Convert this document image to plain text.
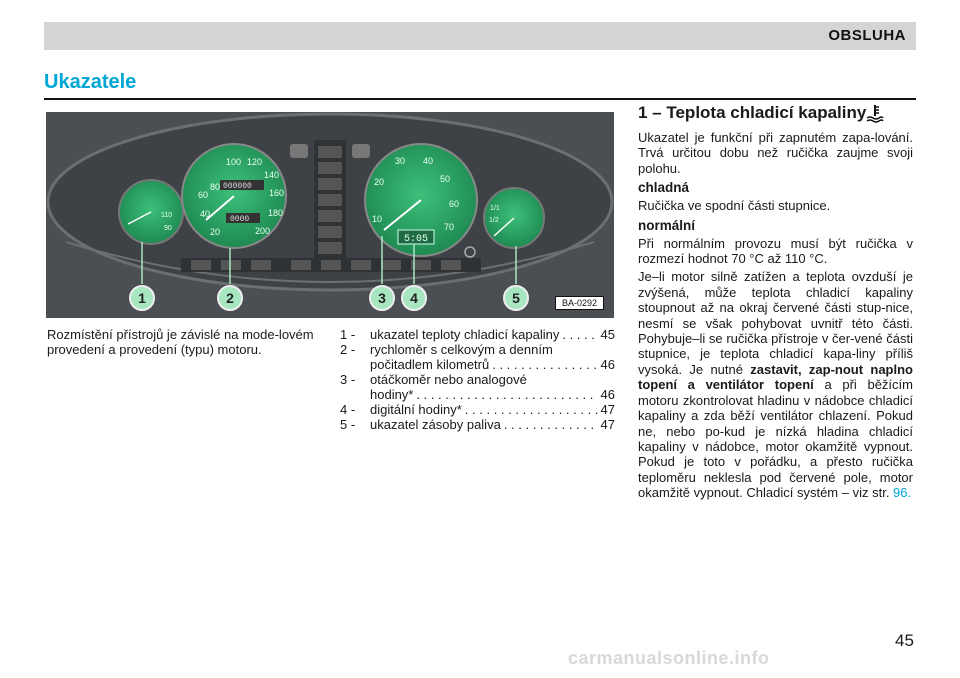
OBSLUHA
Ukazatele
110
90
80
100 120
140
160
180
200
20
40
60
000000
0000	10
20
30 40
50
60
70
5:05
1/1
1/2
1	2	3 4	5	BA-0292
Rozmístění přístrojů je závislé na mode-lovém provedení a provedení (typu) motoru.
1 - ukazatel teploty chladicí kapaliny . . .	45
2 - rychloměr s celkovým a denním
počitadlem kilometrů . . .	46
3 - otáčkoměr nebo analogové
hodiny* . . .	46
4 - digitální hodiny* . . .	47
5 - ukazatel zásoby paliva . . .	47
1 – Teplota chladicí kapaliny

Ukazatel je funkční při zapnutém zapa-lování. Trvá určitou dobu než ručička zaujme svoji polohu.

chladná

Ručička ve spodní části stupnice.

normální

Při normálním provozu musí být ručička v rozmezí hodnot 70 °C až 110 °C.

Je–li motor silně zatížen a teplota ovzduší je zvýšená, může teplota chladicí kapaliny stoupnout až na okraj červené části stup-nice, nesmí se však pohybovat uvnitř této části. Pohybuje–li se ručička přístroje v čer-vené části stupnice, je teplota chladicí kapa-liny příliš vysoká. Je nutné zastavit, zap-nout naplno topení a ventilátor topení a při běžícím motoru zkontrolovat hladinu v nádobce chladicí kapaliny a zda běží ventilátor chlazení. Pokud ne, nebo po-kud je nízká hladina chladicí kapaliny v nádobce, motor okamžitě vypnout. Pokud je toto v pořádku, a přesto ručička teploměru neklesla pod červené pole, motor okamžitě vypnout. Chladicí systém – viz str. 96.

45
carmanualsonline.info
